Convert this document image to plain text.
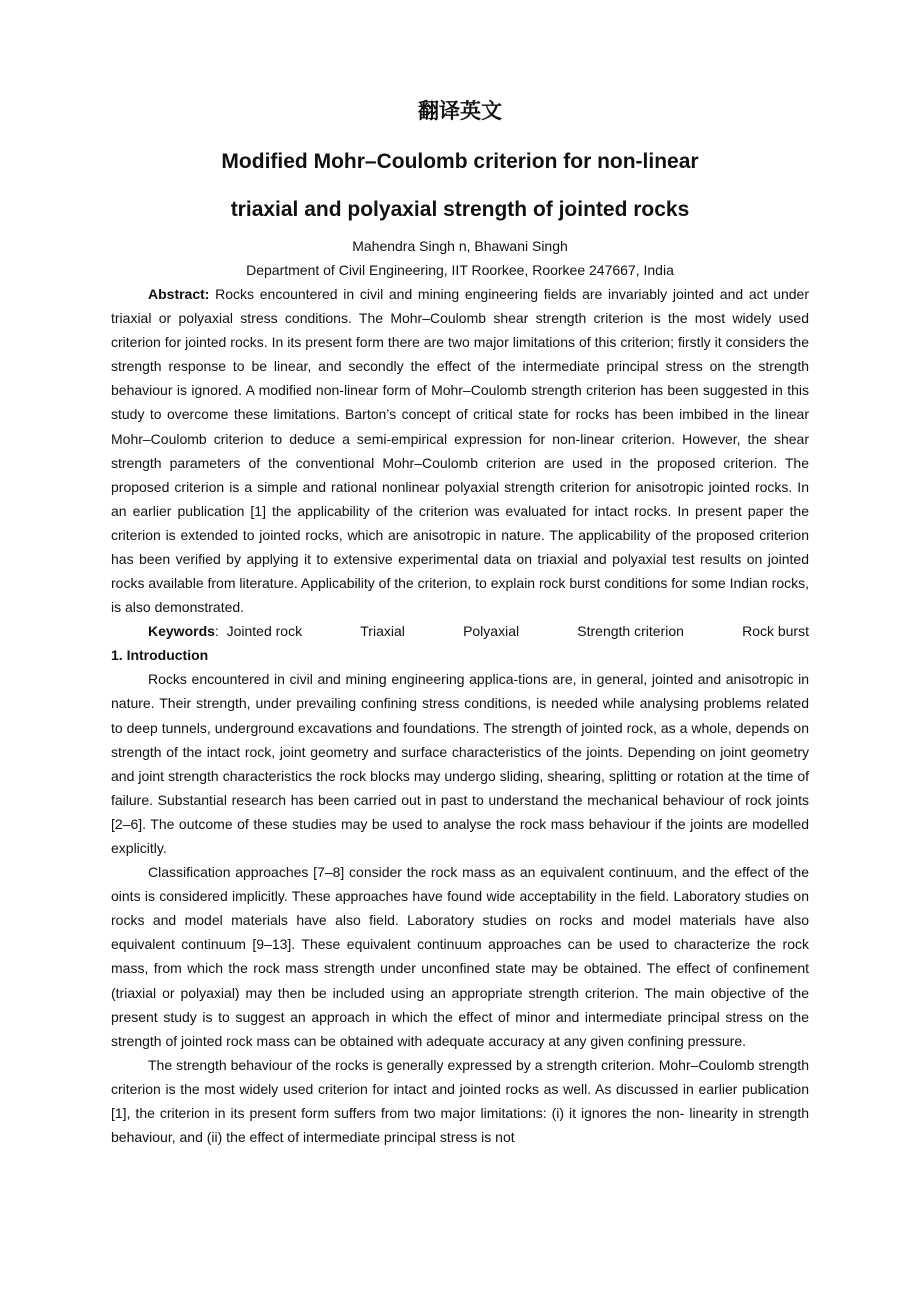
翻译英文
Modified Mohr–Coulomb criterion for non-linear triaxial and polyaxial strength of jointed rocks
Mahendra Singh n, Bhawani Singh
Department of Civil Engineering, IIT Roorkee, Roorkee 247667, India

Abstract: Rocks encountered in civil and mining engineering fields are invariably jointed and act under triaxial or polyaxial stress conditions. The Mohr–Coulomb shear strength criterion is the most widely used criterion for jointed rocks. In its present form there are two major limitations of this criterion; firstly it considers the strength response to be linear, and secondly the effect of the intermediate principal stress on the strength behaviour is ignored. A modified non-linear form of Mohr–Coulomb strength criterion has been suggested in this study to overcome these limitations. Barton’s concept of critical state for rocks has been imbibed in the linear Mohr–Coulomb criterion to deduce a semi-empirical expression for non-linear criterion. However, the shear strength parameters of the conventional Mohr–Coulomb criterion are used in the proposed criterion. The proposed criterion is a simple and rational nonlinear polyaxial strength criterion for anisotropic jointed rocks. In an earlier publication [1] the applicability of the criterion was evaluated for intact rocks. In present paper the criterion is extended to jointed rocks, which are anisotropic in nature. The applicability of the proposed criterion has been verified by applying it to extensive experimental data on triaxial and polyaxial test results on jointed rocks available from literature. Applicability of the criterion, to explain rock burst conditions for some Indian rocks, is also demonstrated.

Keywords:  Jointed rock	Triaxial	Polyaxial	Strength criterion	Rock burst
1. Introduction

Rocks encountered in civil and mining engineering applica-tions are, in general, jointed and anisotropic in nature. Their strength, under prevailing confining stress conditions, is needed while analysing problems related to deep tunnels, underground excavations and foundations. The strength of jointed rock, as a whole, depends on strength of the intact rock, joint geometry and surface characteristics of the joints. Depending on joint geometry and joint strength characteristics the rock blocks may undergo sliding, shearing, splitting or rotation at the time of failure. Substantial research has been carried out in past to understand the mechanical behaviour of rock joints [2–6]. The outcome of these studies may be used to analyse the rock mass behaviour if the joints are modelled explicitly.

Classification approaches [7–8] consider the rock mass as an equivalent continuum, and the effect of the oints is considered implicitly. These approaches have found wide acceptability in the field. Laboratory studies on rocks and model materials have also field. Laboratory studies on rocks and model materials have also equivalent continuum [9–13]. These equivalent continuum approaches can be used to characterize the rock mass, from which the rock mass strength under unconfined state may be obtained. The effect of confinement (triaxial or polyaxial) may then be included using an appropriate strength criterion. The main objective of the present study is to suggest an approach in which the effect of minor and intermediate principal stress on the strength of jointed rock mass can be obtained with adequate accuracy at any given confining pressure.

The strength behaviour of the rocks is generally expressed by a strength criterion. Mohr–Coulomb strength criterion is the most widely used criterion for intact and jointed rocks as well. As discussed in earlier publication [1], the criterion in its present form suffers from two major limitations: (i) it ignores the non- linearity in strength behaviour, and (ii) the effect of intermediate principal stress is not
